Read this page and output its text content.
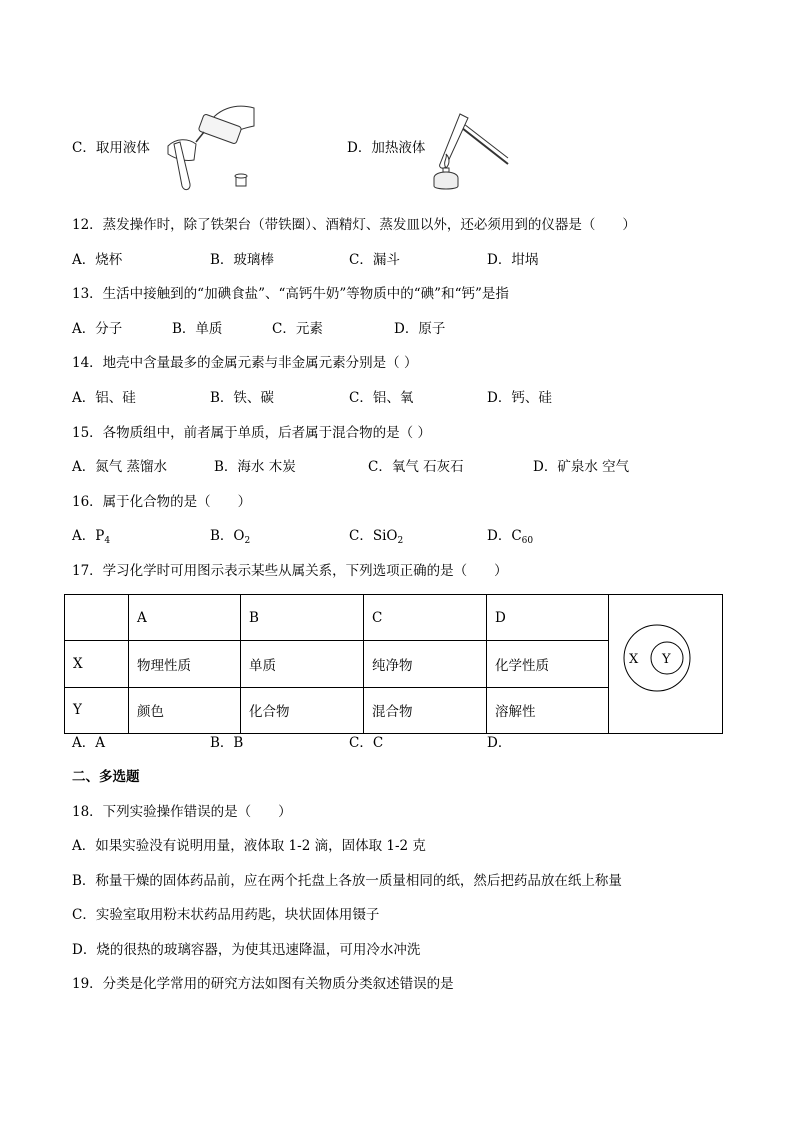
C．取用液体	D．加热液体
12．蒸发操作时，除了铁架台（带铁圈）、酒精灯、蒸发皿以外，还必须用到的仪器是（　　）
A．烧杯	B．玻璃棒	C．漏斗	D．坩埚
13．生活中接触到的“加碘食盐”、“高钙牛奶”等物质中的“碘”和“钙”是指
A．分子	B．单质	C．元素	D．原子
14．地壳中含量最多的金属元素与非金属元素分别是（ ）
A．铝、硅	B．铁、碳	C．铝、氧	D．钙、硅
15．各物质组中，前者属于单质，后者属于混合物的是（ ）
A．氮气 蒸馏水	B．海水 木炭	C．氧气 石灰石	D．矿泉水 空气
16．属于化合物的是（　　）
A．$P_4$	B．$O_2$	C．SiO$_2$	D．$C_{60}$
17．学习化学时可用图示表示某些从属关系，下列选项正确的是（　　）
	A	B	C	D	X Y

X	物理性质	单质	纯净物	化学性质	
Y	颜色	化合物	混合物	溶解性	
A．A	B．B	C．C	D．
二、多选题
18．下列实验操作错误的是（　　）
A．如果实验没有说明用量，液体取 1-2 滴，固体取 1-2 克
B．称量干燥的固体药品前，应在两个托盘上各放一质量相同的纸，然后把药品放在纸上称量
C．实验室取用粉末状药品用药匙，块状固体用镊子
D．烧的很热的玻璃容器，为使其迅速降温，可用冷水冲洗
19．分类是化学常用的研究方法如图有关物质分类叙述错误的是
